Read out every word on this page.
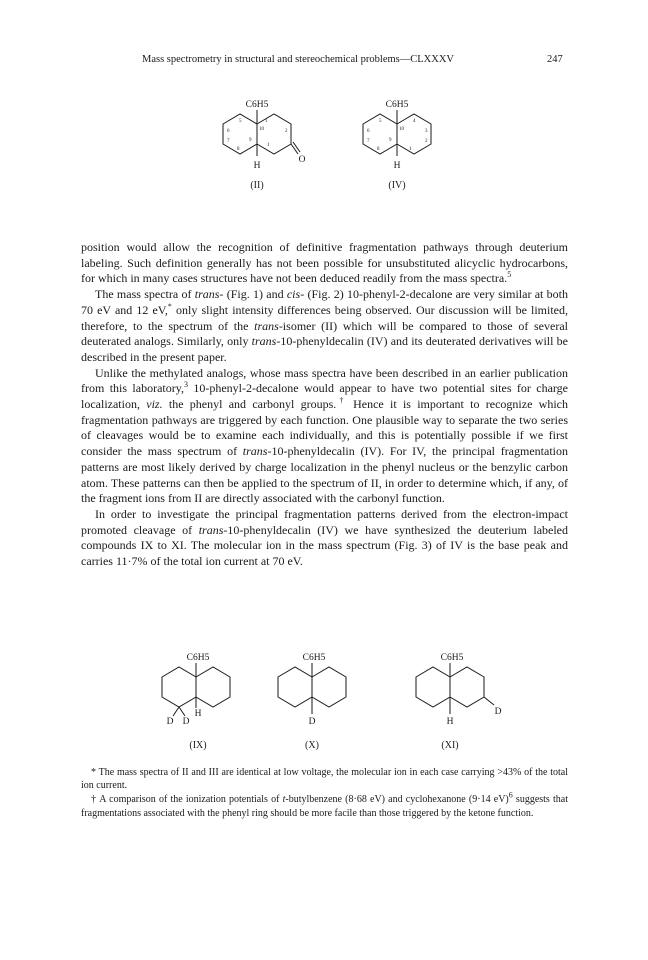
Mass spectrometry in structural and stereochemical problems—CLXXXV	247
C6H5
H
O
1
2
6
5
7
8
9
10
1
(II)
C6H5
H
6
5
7
8
9
10
4
3
2
1
(IV)

position would allow the recognition of definitive fragmentation pathways through deuterium labeling. Such definition generally has not been possible for unsubstituted alicyclic hydrocarbons, for which in many cases structures have not been deduced readily from the mass spectra.$^5$

The mass spectra of trans- (Fig. 1) and cis- (Fig. 2) 10-phenyl-2-decalone are very similar at both 70 eV and 12 eV,* only slight intensity differences being observed. Our discussion will be limited, therefore, to the spectrum of the trans-isomer (II) which will be compared to those of several deuterated analogs. Similarly, only trans-10-phenyldecalin (IV) and its deuterated derivatives will be described in the present paper.

Unlike the methylated analogs, whose mass spectra have been described in an earlier publication from this laboratory,$^3$ 10-phenyl-2-decalone would appear to have two potential sites for charge localization, viz. the phenyl and carbonyl groups.† Hence it is important to recognize which fragmentation pathways are triggered by each function. One plausible way to separate the two series of cleavages would be to examine each individually, and this is potentially possible if we first consider the mass spectrum of trans-10-phenyldecalin (IV). For IV, the principal fragmentation patterns are most likely derived by charge localization in the phenyl nucleus or the benzylic carbon atom. These patterns can then be applied to the spectrum of II, in order to determine which, if any, of the fragment ions from II are directly associated with the carbonyl function.

In order to investigate the principal fragmentation patterns derived from the electron-impact promoted cleavage of trans-10-phenyldecalin (IV) we have synthesized the deuterium labeled compounds IX to XI. The molecular ion in the mass spectrum (Fig. 3) of IV is the base peak and carries 11·7% of the total ion current at 70 eV.

C6H5
H
D D
(IX)
C6H5
D
(X)
C6H5
H
D
(XI)

* The mass spectra of II and III are identical at low voltage, the molecular ion in each case carrying >43% of the total ion current.

† A comparison of the ionization potentials of t-butylbenzene (8·68 eV) and cyclohexanone (9·14 eV)$^6$ suggests that fragmentations associated with the phenyl ring should be more facile than those triggered by the ketone function.
